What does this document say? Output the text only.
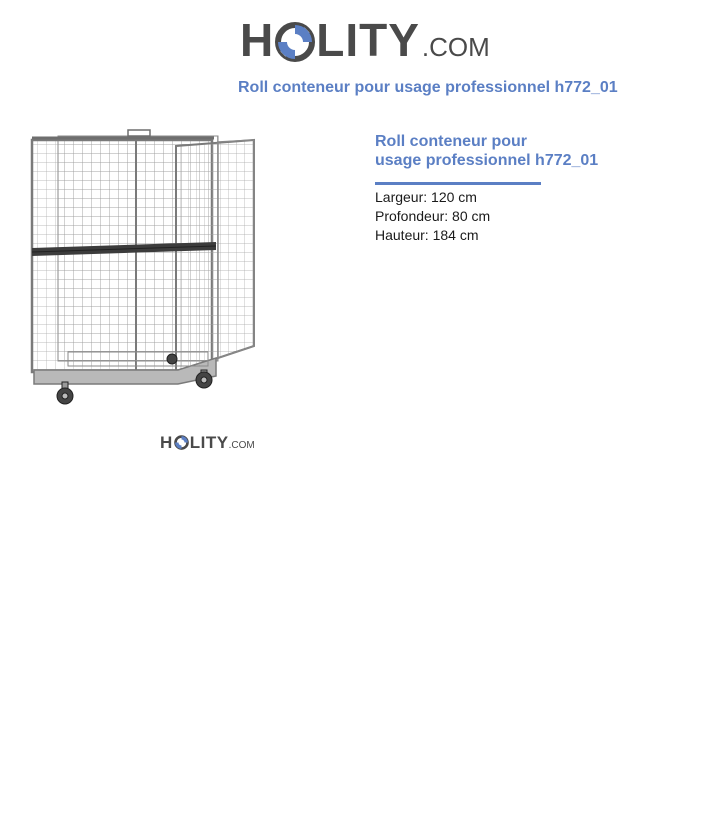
H LITY .COM
Roll conteneur pour usage professionnel h772_01
H LITY .COM
Roll conteneur pour
usage professionnel h772_01
Largeur: 120 cm
Profondeur: 80 cm
Hauteur: 184 cm
